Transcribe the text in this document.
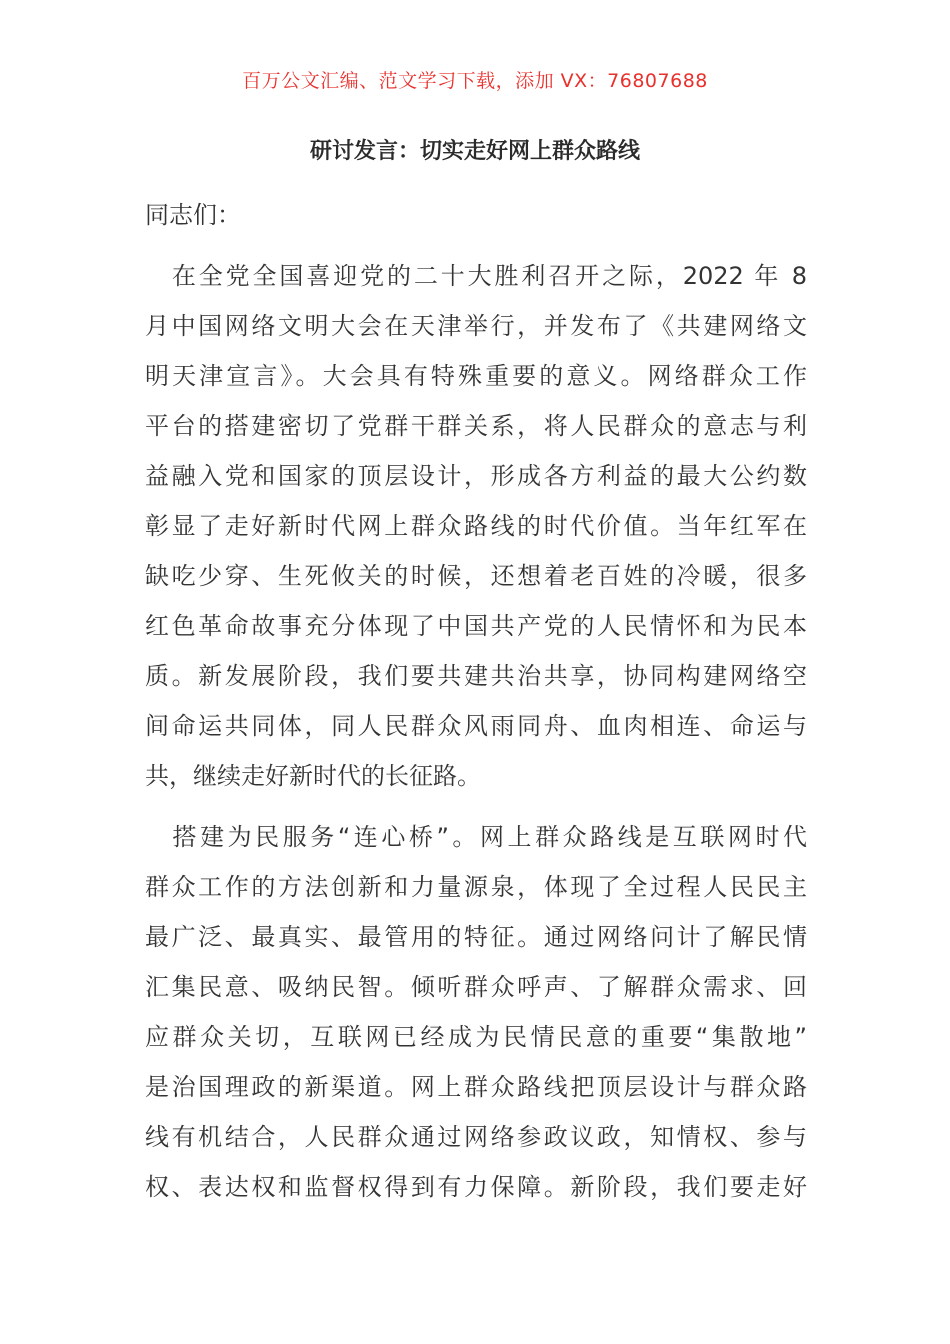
百万公文汇编、范文学习下载，添加 VX：76807688
研讨发言：切实走好网上群众路线
同志们：
　在全党全国喜迎党的二十大胜利召开之际，2022 年 8
月中国网络文明大会在天津举行，并发布了《共建网络文
明天津宣言》。大会具有特殊重要的意义。网络群众工作
平台的搭建密切了党群干群关系，将人民群众的意志与利
益融入党和国家的顶层设计，形成各方利益的最大公约数
彰显了走好新时代网上群众路线的时代价值。当年红军在
缺吃少穿、生死攸关的时候，还想着老百姓的冷暖，很多
红色革命故事充分体现了中国共产党的人民情怀和为民本
质。新发展阶段，我们要共建共治共享，协同构建网络空
间命运共同体，同人民群众风雨同舟、血肉相连、命运与
共，继续走好新时代的长征路。
　搭建为民服务“连心桥”。网上群众路线是互联网时代
群众工作的方法创新和力量源泉，体现了全过程人民民主
最广泛、最真实、最管用的特征。通过网络问计了解民情
汇集民意、吸纳民智。倾听群众呼声、了解群众需求、回
应群众关切，互联网已经成为民情民意的重要“集散地”
是治国理政的新渠道。网上群众路线把顶层设计与群众路
线有机结合，人民群众通过网络参政议政，知情权、参与
权、表达权和监督权得到有力保障。新阶段，我们要走好
